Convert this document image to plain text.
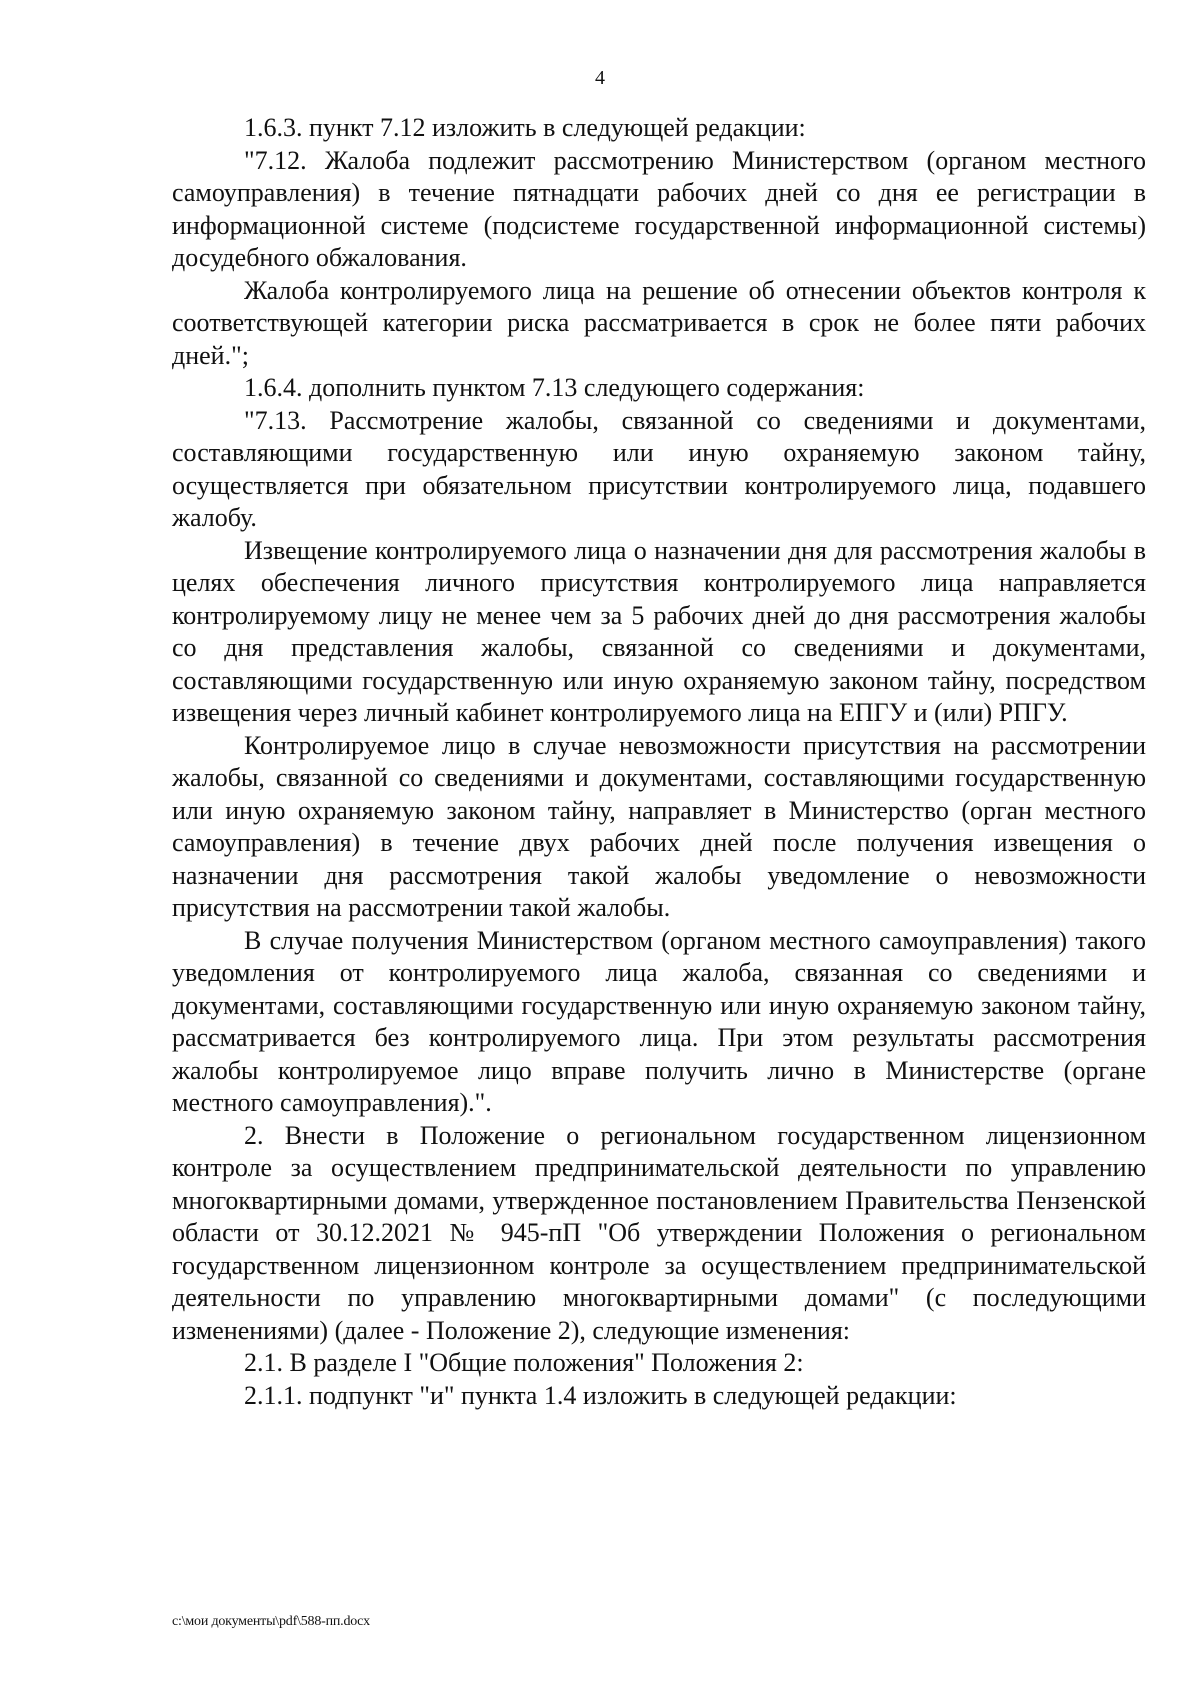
4

1.6.3. пункт 7.12 изложить в следующей редакции:

"7.12. Жалоба подлежит рассмотрению Министерством (органом местного самоуправления) в течение пятнадцати рабочих дней со дня ее регистрации в информационной системе (подсистеме государственной информационной системы) досудебного обжалования.

Жалоба контролируемого лица на решение об отнесении объектов контроля к соответствующей категории риска рассматривается в срок не более пяти рабочих дней.";

1.6.4. дополнить пунктом 7.13 следующего содержания:

"7.13. Рассмотрение жалобы, связанной со сведениями и документами, составляющими государственную или иную охраняемую законом тайну, осуществляется при обязательном присутствии контролируемого лица, подавшего жалобу.

Извещение контролируемого лица о назначении дня для рассмотрения жалобы в целях обеспечения личного присутствия контролируемого лица направляется контролируемому лицу не менее чем за 5 рабочих дней до дня рассмотрения жалобы со дня представления жалобы, связанной со сведениями и документами, составляющими государственную или иную охраняемую законом тайну, посредством извещения через личный кабинет контролируемого лица на ЕПГУ и (или) РПГУ.

Контролируемое лицо в случае невозможности присутствия на рассмотрении жалобы, связанной со сведениями и документами, составляющими государственную или иную охраняемую законом тайну, направляет в Министерство (орган местного самоуправления) в течение двух рабочих дней после получения извещения о назначении дня рассмотрения такой жалобы уведомление о невозможности присутствия на рассмотрении такой жалобы.

В случае получения Министерством (органом местного самоуправления) такого уведомления от контролируемого лица жалоба, связанная со сведениями и документами, составляющими государственную или иную охраняемую законом тайну, рассматривается без контролируемого лица. При этом результаты рассмотрения жалобы контролируемое лицо вправе получить лично в Министерстве (органе местного самоуправления).".

2. Внести в Положение о региональном государственном лицензионном контроле за осуществлением предпринимательской деятельности по управлению многоквартирными домами, утвержденное постановлением Правительства Пензенской области от 30.12.2021 № 945-пП "Об утверждении Положения о региональном государственном лицензионном контроле за осуществлением предпринимательской деятельности по управлению многоквартирными домами" (с последующими изменениями) (далее - Положение 2), следующие изменения:

2.1. В разделе I "Общие положения" Положения 2:

2.1.1. подпункт "и" пункта 1.4 изложить в следующей редакции:

c:\мои документы\pdf\588-пп.docx
